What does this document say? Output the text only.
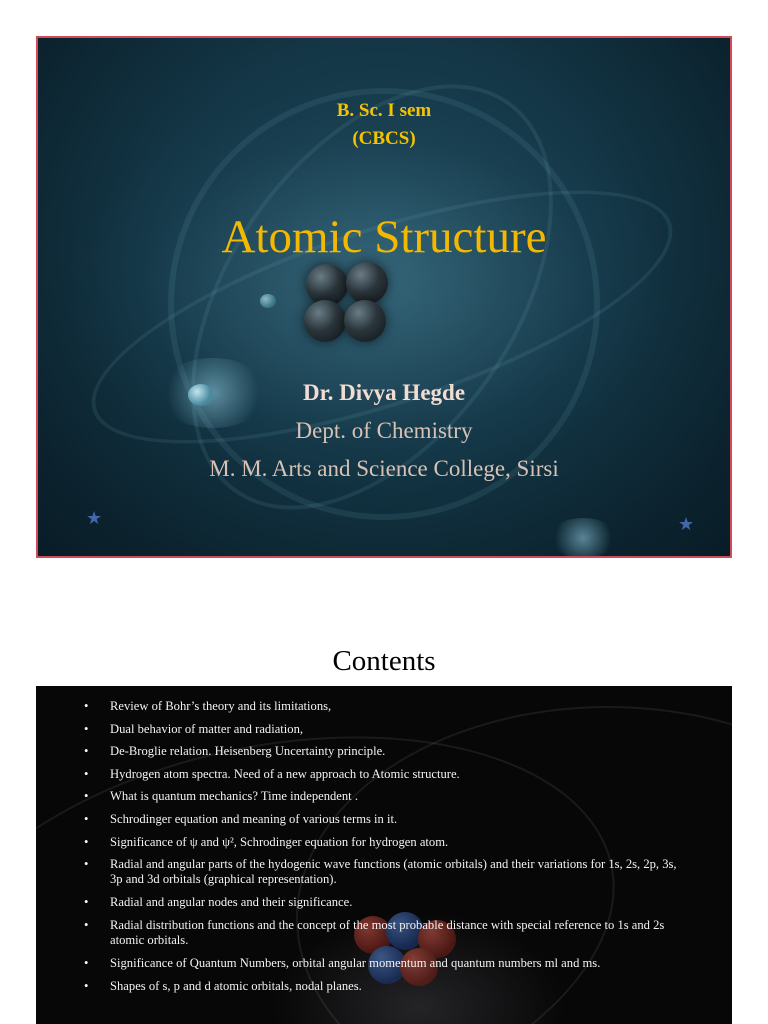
B. Sc. I sem
(CBCS)
Atomic Structure
Dr. Divya Hegde
Dept. of Chemistry
M. M. Arts and Science College, Sirsi
★	★
Contents
• Review of Bohr’s theory and its limitations,
• Dual behavior of matter and radiation,
• De-Broglie relation. Heisenberg Uncertainty principle.
• Hydrogen atom spectra. Need of a new approach to Atomic structure.
• What is quantum mechanics? Time independent .
• Schrodinger equation and meaning of various terms in it.
• Significance of ψ and ψ², Schrodinger equation for hydrogen atom.
• Radial and angular parts of the hydogenic wave functions (atomic orbitals) and their variations for 1s, 2s, 2p, 3s, 3p and 3d orbitals (graphical representation).
• Radial and angular nodes and their significance.
• Radial distribution functions and the concept of the most probable distance with special reference to 1s and 2s atomic orbitals.
• Significance of Quantum Numbers, orbital angular momentum and quantum numbers ml and ms.
• Shapes of s, p and d atomic orbitals, nodal planes.
